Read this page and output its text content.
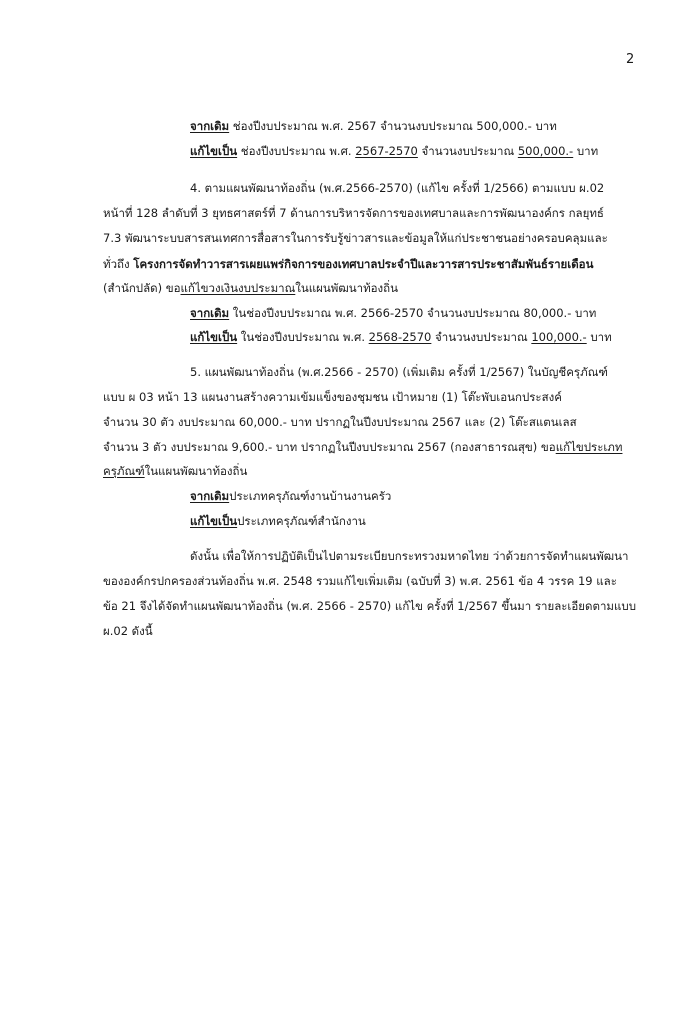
2
จากเดิม ช่องปีงบประมาณ พ.ศ. 2567 จำนวนงบประมาณ 500,000.- บาท
แก้ไขเป็น ช่องปีงบประมาณ พ.ศ. 2567-2570 จำนวนงบประมาณ 500,000.- บาท
4. ตามแผนพัฒนาท้องถิ่น (พ.ศ.2566-2570) (แก้ไข ครั้งที่ 1/2566) ตามแบบ ผ.02
หน้าที่ 128 ลำดับที่ 3 ยุทธศาสตร์ที่ 7 ด้านการบริหารจัดการของเทศบาลและการพัฒนาองค์กร กลยุทธ์
7.3 พัฒนาระบบสารสนเทศการสื่อสารในการรับรู้ข่าวสารและข้อมูลให้แก่ประชาชนอย่างครอบคลุมและ
ทั่วถึง โครงการจัดทำวารสารเผยแพร่กิจการของเทศบาลประจำปีและวารสารประชาสัมพันธ์รายเดือน
(สำนักปลัด) ขอแก้ไขวงเงินงบประมาณในแผนพัฒนาท้องถิ่น
จากเดิม ในช่องปีงบประมาณ พ.ศ. 2566-2570 จำนวนงบประมาณ 80,000.- บาท
แก้ไขเป็น ในช่องปีงบประมาณ พ.ศ. 2568-2570 จำนวนงบประมาณ 100,000.- บาท
5. แผนพัฒนาท้องถิ่น (พ.ศ.2566 - 2570) (เพิ่มเติม ครั้งที่ 1/2567) ในบัญชีครุภัณฑ์
แบบ ผ 03 หน้า 13 แผนงานสร้างความเข้มแข็งของชุมชน เป้าหมาย (1) โต๊ะพับเอนกประสงค์
จำนวน 30 ตัว งบประมาณ 60,000.- บาท ปรากฏในปีงบประมาณ 2567 และ (2) โต๊ะสแตนเลส
จำนวน 3 ตัว งบประมาณ 9,600.- บาท ปรากฏในปีงบประมาณ 2567 (กองสาธารณสุข) ขอแก้ไขประเภท
ครุภัณฑ์ในแผนพัฒนาท้องถิ่น
จากเดิมประเภทครุภัณฑ์งานบ้านงานครัว
แก้ไขเป็นประเภทครุภัณฑ์สำนักงาน
ดังนั้น เพื่อให้การปฏิบัติเป็นไปตามระเบียบกระทรวงมหาดไทย ว่าด้วยการจัดทำแผนพัฒนา
ขององค์กรปกครองส่วนท้องถิ่น พ.ศ. 2548 รวมแก้ไขเพิ่มเติม (ฉบับที่ 3) พ.ศ. 2561 ข้อ 4 วรรค 19 และ
ข้อ 21 จึงได้จัดทำแผนพัฒนาท้องถิ่น (พ.ศ. 2566 - 2570) แก้ไข ครั้งที่ 1/2567 ขึ้นมา รายละเอียดตามแบบ
ผ.02 ดังนี้
